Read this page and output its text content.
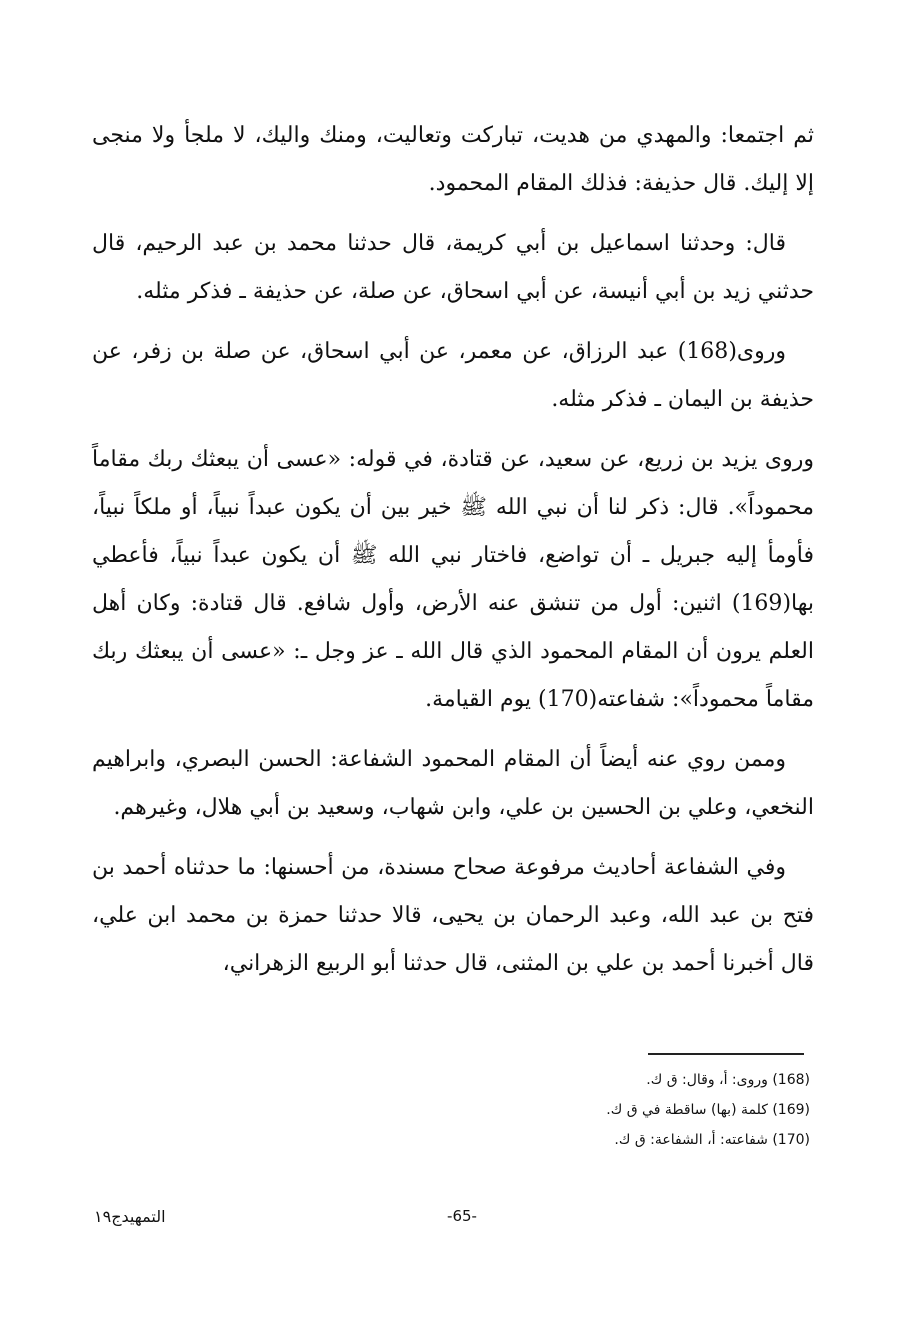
ثم اجتمعا: والمهدي من هديت، تباركت وتعاليت، ومنك واليك، لا ملجأ ولا منجى إلا إليك. قال حذيفة: فذلك المقام المحمود.

قال: وحدثنا اسماعيل بن أبي كريمة، قال حدثنا محمد بن عبد الرحيم، قال حدثني زيد بن أبي أنيسة، عن أبي اسحاق، عن صلة، عن حذيفة ـ فذكر مثله.

وروى(168) عبد الرزاق، عن معمر، عن أبي اسحاق، عن صلة بن زفر، عن حذيفة بن اليمان ـ فذكر مثله.

وروى يزيد بن زريع، عن سعيد، عن قتادة، في قوله: «عسى أن يبعثك ربك مقاماً محموداً». قال: ذكر لنا أن نبي الله ﷺ خير بين أن يكون عبداً نبياً، أو ملكاً نبياً، فأومأ إليه جبريل ـ أن تواضع، فاختار نبي الله ﷺ أن يكون عبداً نبياً، فأعطي بها(169) اثنين: أول من تنشق عنه الأرض، وأول شافع. قال قتادة: وكان أهل العلم يرون أن المقام المحمود الذي قال الله ـ عز وجل ـ: «عسى أن يبعثك ربك مقاماً محموداً»: شفاعته(170) يوم القيامة.

وممن روي عنه أيضاً أن المقام المحمود الشفاعة: الحسن البصري، وابراهيم النخعي، وعلي بن الحسين بن علي، وابن شهاب، وسعيد بن أبي هلال، وغيرهم.

وفي الشفاعة أحاديث مرفوعة صحاح مسندة، من أحسنها: ما حدثناه أحمد بن فتح بن عبد الله، وعبد الرحمان بن يحيى، قالا حدثنا حمزة بن محمد ابن علي، قال أخبرنا أحمد بن علي بن المثنى، قال حدثنا أبو الربيع الزهراني،

(168) وروى: أ، وقال: ق ك.

(169) كلمة (بها) ساقطة في ق ك.

(170) شفاعته: أ، الشفاعة: ق ك.

-65-
التمهيدج١٩
